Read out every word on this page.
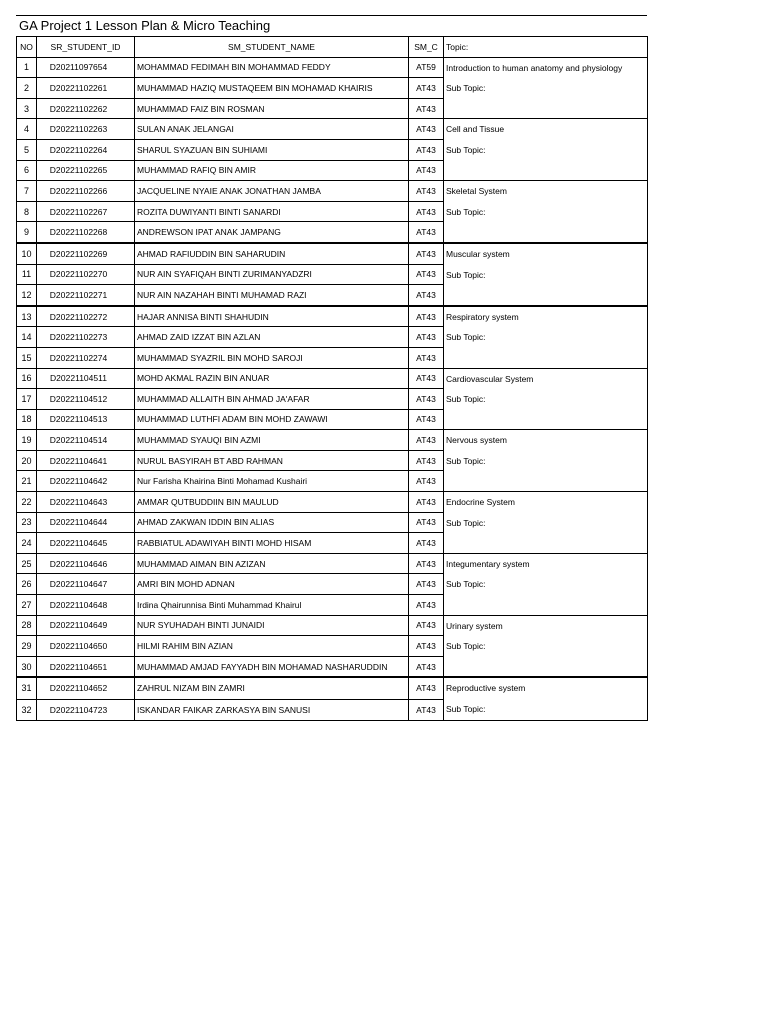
GA Project 1 Lesson Plan & Micro Teaching
NO	SR_STUDENT_ID	SM_STUDENT_NAME	SM_C	Topic:
1	D20211097654	MOHAMMAD FEDIMAH BIN MOHAMMAD FEDDY	AT59	Introduction to human anatomy and physiology
Sub Topic:

2	D20221102261	MUHAMMAD HAZIQ MUSTAQEEM BIN MOHAMAD KHAIRIS	AT43	
3	D20221102262	MUHAMMAD FAIZ BIN ROSMAN	AT43	
4	D20221102263	SULAN ANAK JELANGAI	AT43	Cell and Tissue
Sub Topic:

5	D20221102264	SHARUL SYAZUAN BIN SUHIAMI	AT43	
6	D20221102265	MUHAMMAD RAFIQ BIN AMIR	AT43	
7	D20221102266	JACQUELINE NYAIE ANAK JONATHAN JAMBA	AT43	Skeletal System
Sub Topic:

8	D20221102267	ROZITA DUWIYANTI BINTI SANARDI	AT43	
9	D20221102268	ANDREWSON IPAT ANAK JAMPANG	AT43	
10	D20221102269	AHMAD RAFIUDDIN BIN SAHARUDIN	AT43	Muscular system
Sub Topic:

11	D20221102270	NUR AIN SYAFIQAH BINTI ZURIMANYADZRI	AT43	
12	D20221102271	NUR AIN NAZAHAH BINTI MUHAMAD RAZI	AT43	
13	D20221102272	HAJAR ANNISA BINTI SHAHUDIN	AT43	Respiratory system
Sub Topic:

14	D20221102273	AHMAD ZAID IZZAT BIN AZLAN	AT43	
15	D20221102274	MUHAMMAD SYAZRIL BIN MOHD SAROJI	AT43	
16	D20221104511	MOHD AKMAL RAZIN BIN ANUAR	AT43	Cardiovascular System
Sub Topic:

17	D20221104512	MUHAMMAD ALLAITH BIN AHMAD JA'AFAR	AT43	
18	D20221104513	MUHAMMAD LUTHFI ADAM BIN MOHD ZAWAWI	AT43	
19	D20221104514	MUHAMMAD SYAUQI BIN AZMI	AT43	Nervous system
Sub Topic:

20	D20221104641	NURUL BASYIRAH BT ABD RAHMAN	AT43	
21	D20221104642	Nur Farisha Khairina Binti Mohamad Kushairi	AT43	
22	D20221104643	AMMAR QUTBUDDIIN BIN MAULUD	AT43	Endocrine System
Sub Topic:

23	D20221104644	AHMAD ZAKWAN IDDIN BIN ALIAS	AT43	
24	D20221104645	RABBIATUL ADAWIYAH BINTI MOHD HISAM	AT43	
25	D20221104646	MUHAMMAD AIMAN BIN AZIZAN	AT43	Integumentary system
Sub Topic:

26	D20221104647	AMRI BIN MOHD ADNAN	AT43	
27	D20221104648	Irdina Qhairunnisa Binti Muhammad Khairul	AT43	
28	D20221104649	NUR SYUHADAH BINTI JUNAIDI	AT43	Urinary system
Sub Topic:

29	D20221104650	HILMI RAHIM BIN AZIAN	AT43	
30	D20221104651	MUHAMMAD AMJAD FAYYADH BIN MOHAMAD NASHARUDDIN	AT43	
31	D20221104652	ZAHRUL NIZAM BIN ZAMRI	AT43	Reproductive system
Sub Topic:

32	D20221104723	ISKANDAR FAIKAR ZARKASYA BIN SANUSI	AT43	
